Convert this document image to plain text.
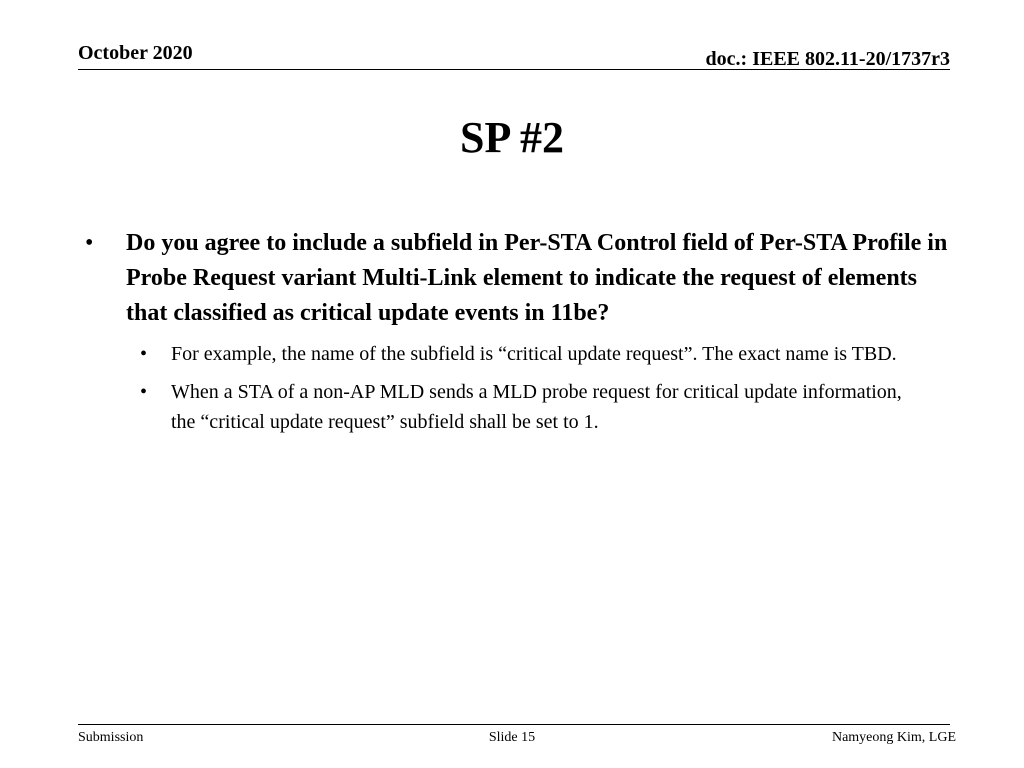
October 2020	doc.: IEEE 802.11-20/1737r3
SP #2
• Do you agree to include a subfield in Per-STA Control field of Per-STA Profile in Probe Request variant Multi-Link element to indicate the request of elements that classified as critical update events in 11be?
• For example, the name of the subfield is “critical update request”. The exact name is TBD.
• When a STA of a non-AP MLD sends a MLD probe request for critical update information, the “critical update request” subfield shall be set to 1.
Submission	Slide 15	Namyeong Kim, LGE
